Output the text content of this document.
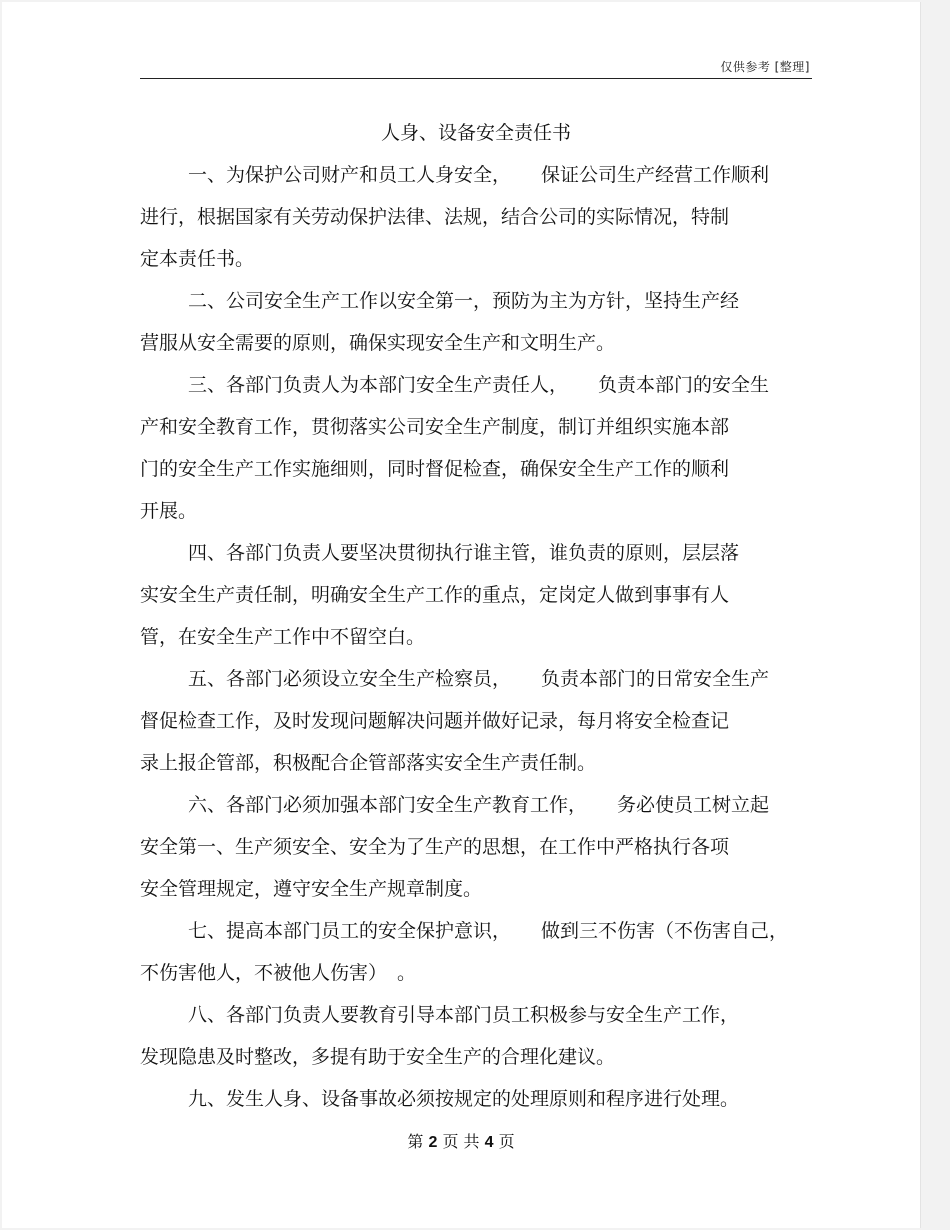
仅供参考 [整理]
人身、设备安全责任书

一、为保护公司财产和员工人身安全， 保证公司生产经营工作顺利
进行，根据国家有关劳动保护法律、法规，结合公司的实际情况，特制
定本责任书。

二、公司安全生产工作以安全第一，预防为主为方针，坚持生产经
营服从安全需要的原则，确保实现安全生产和文明生产。

三、各部门负责人为本部门安全生产责任人， 负责本部门的安全生
产和安全教育工作，贯彻落实公司安全生产制度，制订并组织实施本部
门的安全生产工作实施细则，同时督促检查，确保安全生产工作的顺利
开展。

四、各部门负责人要坚决贯彻执行谁主管，谁负责的原则，层层落
实安全生产责任制，明确安全生产工作的重点，定岗定人做到事事有人
管，在安全生产工作中不留空白。

五、各部门必须设立安全生产检察员， 负责本部门的日常安全生产
督促检查工作，及时发现问题解决问题并做好记录，每月将安全检查记
录上报企管部，积极配合企管部落实安全生产责任制。

六、各部门必须加强本部门安全生产教育工作， 务必使员工树立起
安全第一、生产须安全、安全为了生产的思想，在工作中严格执行各项
安全管理规定，遵守安全生产规章制度。

七、提高本部门员工的安全保护意识， 做到三不伤害（不伤害自己，
不伤害他人，不被他人伤害） 。

八、各部门负责人要教育引导本部门员工积极参与安全生产工作，
发现隐患及时整改，多提有助于安全生产的合理化建议。

九、发生人身、设备事故必须按规定的处理原则和程序进行处理。

第 2 页 共 4 页
